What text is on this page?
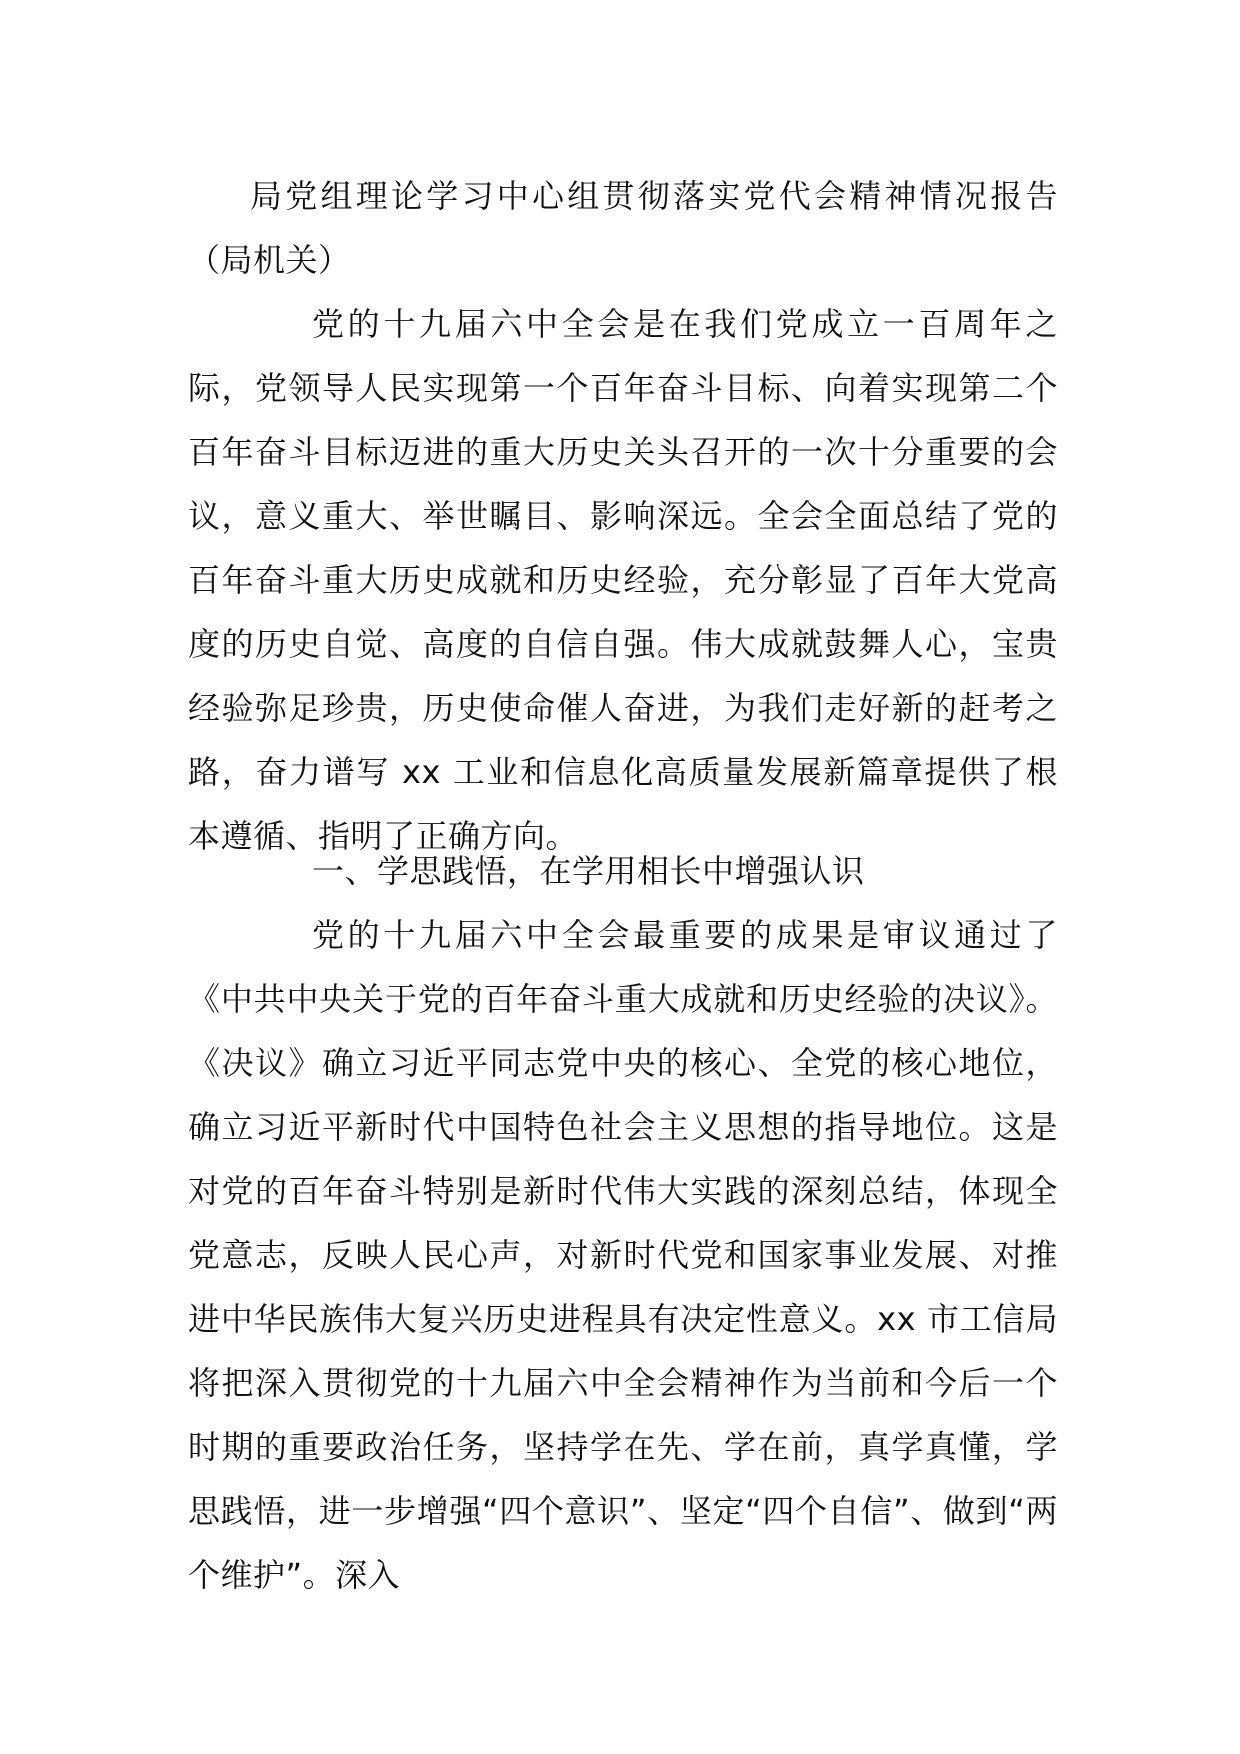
局党组理论学习中心组贯彻落实党代会精神情况报告（局机关）
党的十九届六中全会是在我们党成立一百周年之际，党领导人民实现第一个百年奋斗目标、向着实现第二个百年奋斗目标迈进的重大历史关头召开的一次十分重要的会议，意义重大、举世瞩目、影响深远。全会全面总结了党的百年奋斗重大历史成就和历史经验，充分彰显了百年大党高度的历史自觉、高度的自信自强。伟大成就鼓舞人心，宝贵经验弥足珍贵，历史使命催人奋进，为我们走好新的赶考之路，奋力谱写 xx 工业和信息化高质量发展新篇章提供了根本遵循、指明了正确方向。
一、学思践悟，在学用相长中增强认识
党的十九届六中全会最重要的成果是审议通过了《中共中央关于党的百年奋斗重大成就和历史经验的决议》。《决议》确立习近平同志党中央的核心、全党的核心地位，确立习近平新时代中国特色社会主义思想的指导地位。这是对党的百年奋斗特别是新时代伟大实践的深刻总结，体现全党意志，反映人民心声，对新时代党和国家事业发展、对推进中华民族伟大复兴历史进程具有决定性意义。xx 市工信局将把深入贯彻党的十九届六中全会精神作为当前和今后一个时期的重要政治任务，坚持学在先、学在前，真学真懂，学思践悟，进一步增强“四个意识”、坚定“四个自信”、做到“两个维护”。深入
